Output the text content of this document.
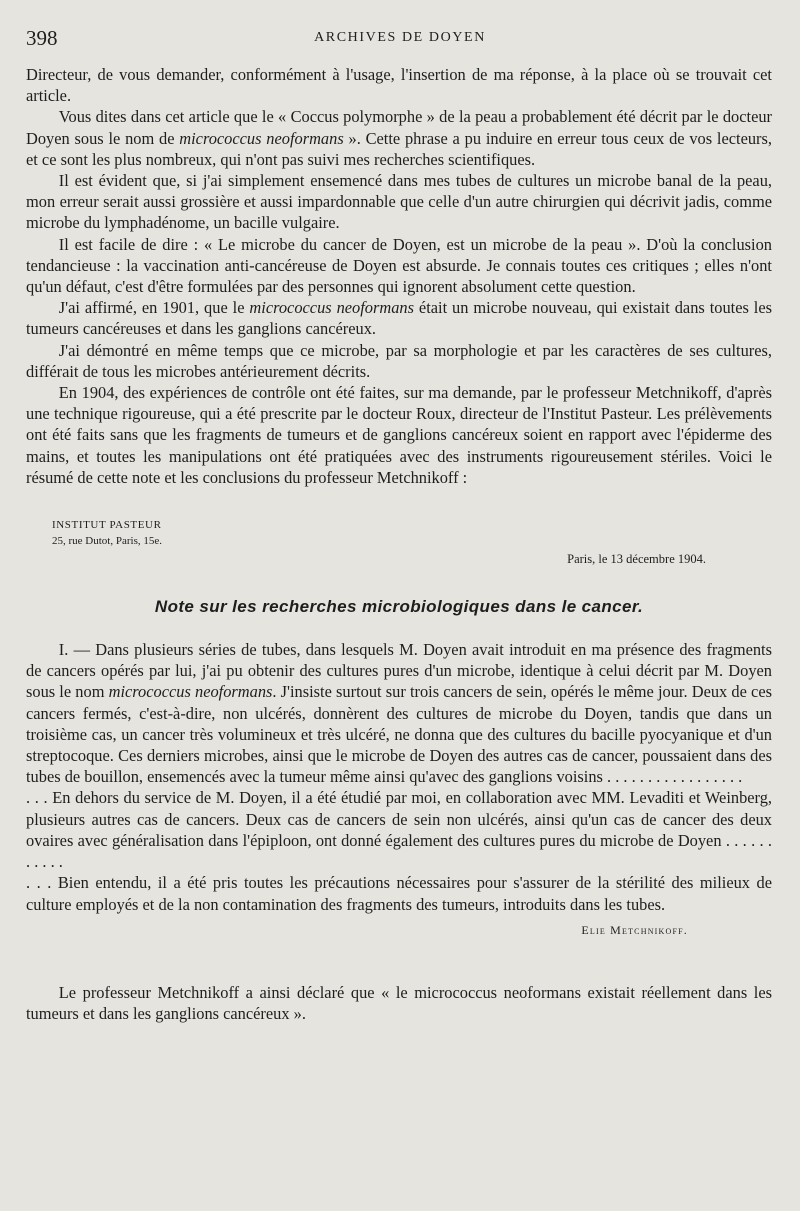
398	ARCHIVES DE DOYEN

Directeur, de vous demander, conformément à l'usage, l'insertion de ma réponse, à la place où se trouvait cet article.

Vous dites dans cet article que le « Coccus polymorphe » de la peau a probablement été décrit par le docteur Doyen sous le nom de micrococcus neoformans ». Cette phrase a pu induire en erreur tous ceux de vos lecteurs, et ce sont les plus nombreux, qui n'ont pas suivi mes recherches scientifiques.

Il est évident que, si j'ai simplement ensemencé dans mes tubes de cultures un microbe banal de la peau, mon erreur serait aussi grossière et aussi impardonnable que celle d'un autre chirurgien qui décrivit jadis, comme microbe du lymphadénome, un bacille vulgaire.

Il est facile de dire : « Le microbe du cancer de Doyen, est un microbe de la peau ». D'où la conclusion tendancieuse : la vaccination anti-cancéreuse de Doyen est absurde. Je connais toutes ces critiques ; elles n'ont qu'un défaut, c'est d'être formulées par des personnes qui ignorent absolument cette question.

J'ai affirmé, en 1901, que le micrococcus neoformans était un microbe nouveau, qui existait dans toutes les tumeurs cancéreuses et dans les ganglions cancéreux.

J'ai démontré en même temps que ce microbe, par sa morphologie et par les caractères de ses cultures, différait de tous les microbes antérieurement décrits.

En 1904, des expériences de contrôle ont été faites, sur ma demande, par le professeur Metchnikoff, d'après une technique rigoureuse, qui a été prescrite par le docteur Roux, directeur de l'Institut Pasteur. Les prélèvements ont été faits sans que les fragments de tumeurs et de ganglions cancéreux soient en rapport avec l'épiderme des mains, et toutes les manipulations ont été pratiquées avec des instruments rigoureusement stériles. Voici le résumé de cette note et les conclusions du professeur Metchnikoff :

INSTITUT PASTEUR
25, rue Dutot, Paris, 15e.
Paris, le 13 décembre 1904.
Note sur les recherches microbiologiques dans le cancer.

I. — Dans plusieurs séries de tubes, dans lesquels M. Doyen avait introduit en ma présence des fragments de cancers opérés par lui, j'ai pu obtenir des cultures pures d'un microbe, identique à celui décrit par M. Doyen sous le nom micrococcus neoformans. J'insiste surtout sur trois cancers de sein, opérés le même jour. Deux de ces cancers fermés, c'est-à-dire, non ulcérés, donnèrent des cultures de microbe du Doyen, tandis que dans un troisième cas, un cancer très volumineux et très ulcéré, ne donna que des cultures du bacille pyocyanique et d'un streptocoque. Ces derniers microbes, ainsi que le microbe de Doyen des autres cas de cancer, poussaient dans des tubes de bouillon, ensemencés avec la tumeur même ainsi qu'avec des ganglions voisins . . . . . . . . . . . . . . . . .

. . . En dehors du service de M. Doyen, il a été étudié par moi, en collaboration avec MM. Levaditi et Weinberg, plusieurs autres cas de cancers. Deux cas de cancers de sein non ulcérés, ainsi qu'un cas de cancer des deux ovaires avec généralisation dans l'épiploon, ont donné également des cultures pures du microbe de Doyen . . . . . . . . . . .

. . . Bien entendu, il a été pris toutes les précautions nécessaires pour s'assurer de la stérilité des milieux de culture employés et de la non contamination des fragments des tumeurs, introduits dans les tubes.

Elie Metchnikoff.

Le professeur Metchnikoff a ainsi déclaré que « le micrococcus neoformans existait réellement dans les tumeurs et dans les ganglions cancéreux ».
